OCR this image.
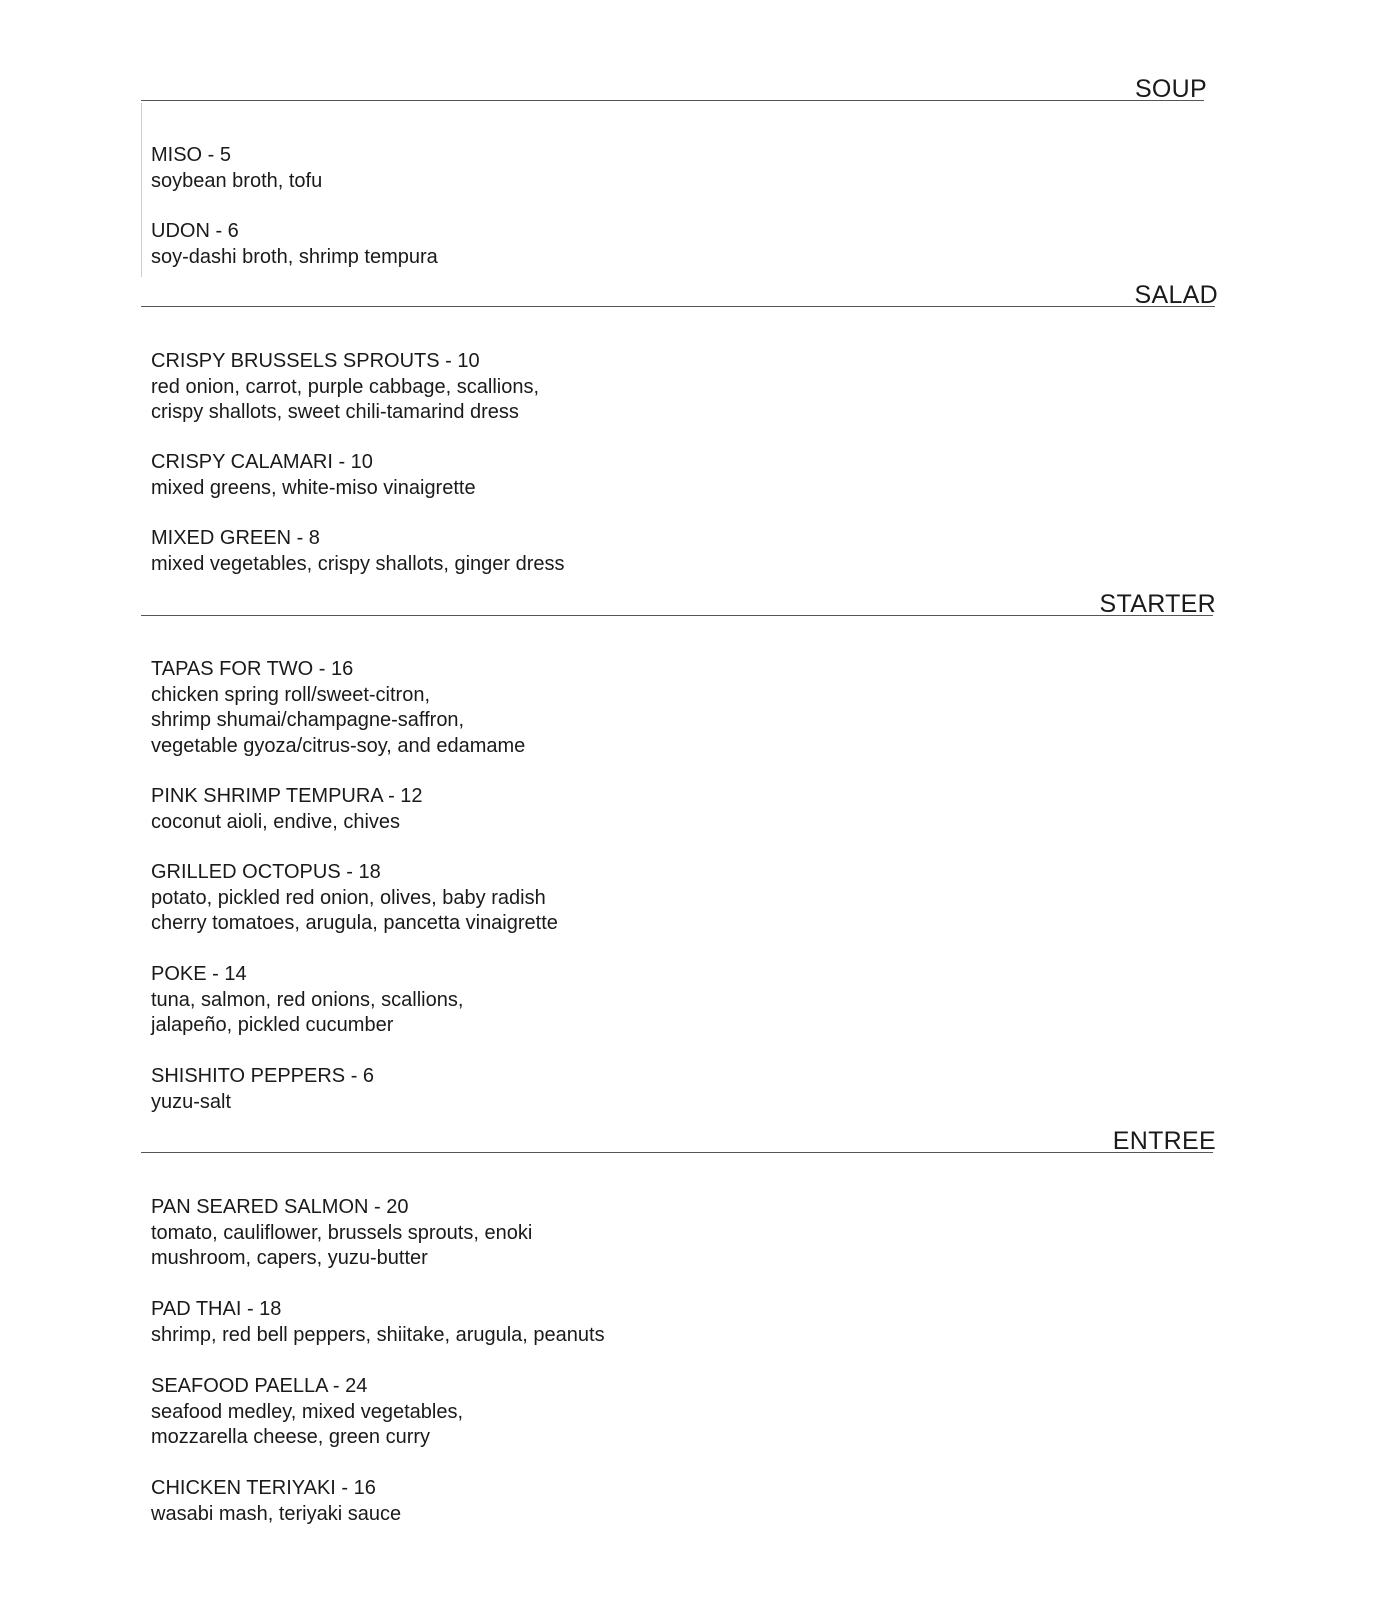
SOUP
MISO - 5
soybean broth, tofu
UDON - 6
soy-dashi broth, shrimp tempura
SALAD
CRISPY BRUSSELS SPROUTS - 10
red onion, carrot, purple cabbage, scallions,
crispy shallots, sweet chili-tamarind dress
CRISPY CALAMARI - 10
mixed greens, white-miso vinaigrette
MIXED GREEN - 8
mixed vegetables, crispy shallots, ginger dress
STARTER
TAPAS FOR TWO - 16
chicken spring roll/sweet-citron,
shrimp shumai/champagne-saffron,
vegetable gyoza/citrus-soy, and edamame
PINK SHRIMP TEMPURA - 12
coconut aioli, endive, chives
GRILLED OCTOPUS - 18
potato, pickled red onion, olives, baby radish
cherry tomatoes, arugula, pancetta vinaigrette
POKE - 14
tuna, salmon, red onions, scallions,
jalapeño, pickled cucumber
SHISHITO PEPPERS - 6
yuzu-salt
ENTREE
PAN SEARED SALMON - 20
tomato, cauliflower, brussels sprouts, enoki
mushroom, capers, yuzu-butter
PAD THAI - 18
shrimp, red bell peppers, shiitake, arugula, peanuts
SEAFOOD PAELLA - 24
seafood medley, mixed vegetables,
mozzarella cheese, green curry
CHICKEN TERIYAKI - 16
wasabi mash, teriyaki sauce
